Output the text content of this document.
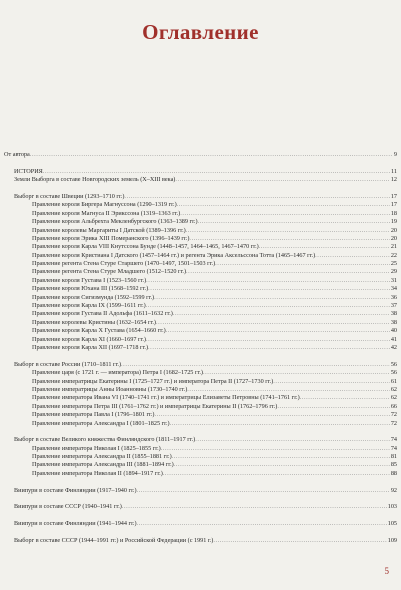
Оглавление
От автора .....	9
ИСТОРИЯ .....	11
Земли Выборга в составе Новгородских земель (X–XIII века) .....	12
Выборг в составе Швеции (1293–1710 гг.) .....	17
Правление короля Биргера Магнуссона (1290–1319 гг.) .....	17
Правление короля Магнуса II Эрикссона (1319–1363 гг.) .....	18
Правление короля Альбрехта Мекленбургского (1363–1389 гг.) .....	19
Правление королевы Маргариты I Датской (1389–1396 гг.) .....	20
Правление короля Эрика XIII Померанского (1396–1439 гг.) .....	20
Правление короля Карла VIII Кнутссона Бунде (1448–1457, 1464–1465, 1467–1470 гг.) .....	21
Правление короля Кристиана I Датского (1457–1464 гг.) и регента Эрика Аксельссона Тотта (1465–1467 гг.) .....	22
Правление регента Стена Стуре Старшего (1470–1497, 1501–1503 гг.) .....	25
Правление регента Стена Стуре Младшего (1512–1520 гг.) .....	29
Правление короля Густава I (1523–1560 гг.) .....	31
Правление короля Юхана III (1568–1592 гг.) .....	34
Правление короля Сигизмунда (1592–1599 гг.) .....	36
Правление короля Карла IX (1599–1611 гг.) .....	37
Правление короля Густава II Адольфа (1611–1632 гг.) .....	38
Правление королевы Кристины (1632–1654 гг.) .....	38
Правление короля Карла X Густава (1654–1660 гг.) .....	40
Правление короля Карла XI (1660–1697 гг.) .....	41
Правление короля Карла XII (1697–1718 гг.) .....	42
Выборг в составе России (1710–1811 гг.) .....	56
Правление царя (с 1721 г. — императора) Петра I (1682–1725 гг.) .....	56
Правление императрицы Екатерины I (1725–1727 гг.) и императора Петра II (1727–1730 гг.) .....	61
Правление императрицы Анны Иоанновны (1730–1740 гг.) .....	62
Правление императора Ивана VI (1740–1741 гг.) и императрицы Елизаветы Петровны (1741–1761 гг.) .....	62
Правление императора Петра III (1761–1762 гг.) и императрицы Екатерины II (1762–1796 гг.) .....	66
Правление императора Павла I (1796–1801 гг.) .....	72
Правление императора Александра I (1801–1825 гг.) .....	72
Выборг в составе Великого княжества Финляндского (1811–1917 гг.) .....	74
Правление императора Николая I (1825–1855 гг.) .....	74
Правление императора Александра II (1855–1881 гг.) .....	81
Правление императора Александра III (1881–1894 гг.) .....	85
Правление императора Николая II (1894–1917 гг.) .....	88
Виипури в составе Финляндии (1917–1940 гг.) .....	92
Виипури в составе СССР (1940–1941 гг.) .....	103
Виипури в составе Финляндии (1941–1944 гг.) .....	105
Выборг в составе СССР (1944–1991 гг.) и Российской Федерации (с 1991 г.) .....	109
5
